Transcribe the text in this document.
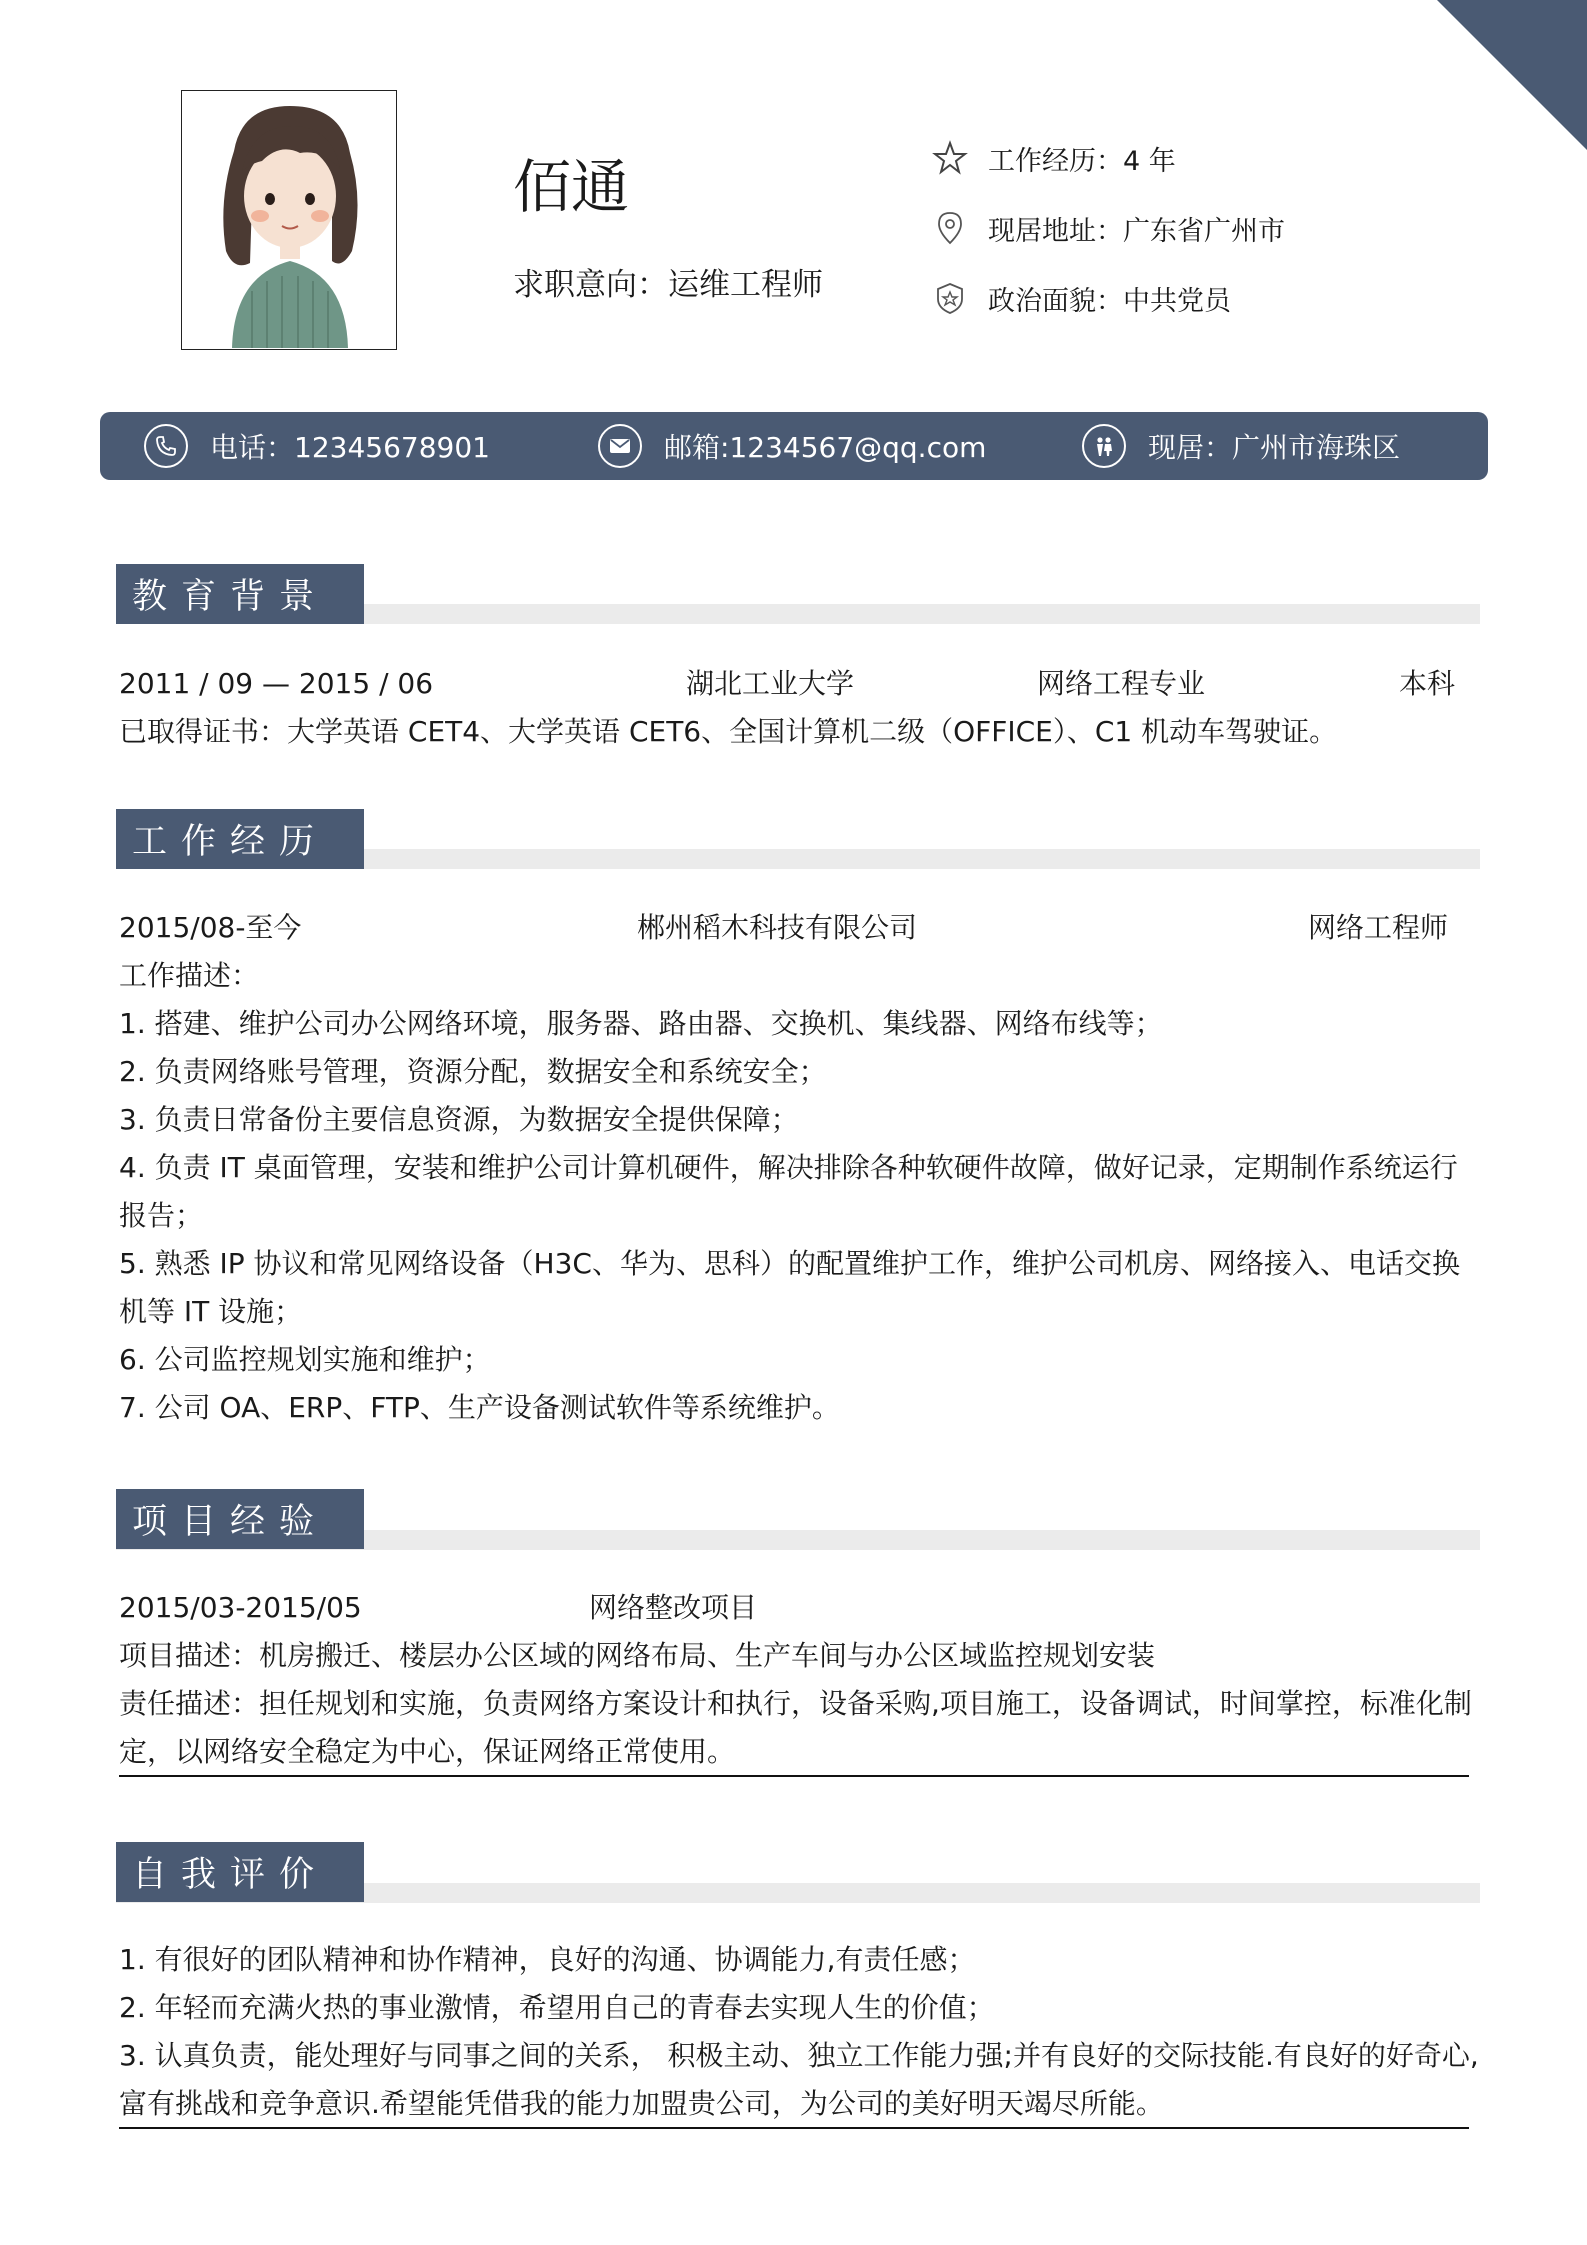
佰通
求职意向：运维工程师
工作经历：4 年
现居地址：广东省广州市
政治面貌：中共党员
电话：12345678901	邮箱:1234567@qq.com	现居：广州市海珠区
教育背景
2011 / 09 — 2015 / 06	湖北工业大学	网络工程专业	本科
已取得证书：大学英语 CET4、大学英语 CET6、全国计算机二级（OFFICE）、C1 机动车驾驶证。
工作经历
2015/08-至今	郴州稻木科技有限公司	网络工程师
工作描述：
1. 搭建、维护公司办公网络环境，服务器、路由器、交换机、集线器、网络布线等；
2. 负责网络账号管理，资源分配，数据安全和系统安全；
3. 负责日常备份主要信息资源，为数据安全提供保障；
4. 负责 IT 桌面管理，安装和维护公司计算机硬件，解决排除各种软硬件故障，做好记录，定期制作系统运行报告；
5. 熟悉 IP 协议和常见网络设备（H3C、华为、思科）的配置维护工作，维护公司机房、网络接入、电话交换机等 IT 设施；
6. 公司监控规划实施和维护；
7. 公司 OA、ERP、FTP、生产设备测试软件等系统维护。
项目经验
2015/03-2015/05	网络整改项目
项目描述：机房搬迁、楼层办公区域的网络布局、生产车间与办公区域监控规划安装
责任描述：担任规划和实施，负责网络方案设计和执行，设备采购,项目施工，设备调试，时间掌控，标准化制定，以网络安全稳定为中心，保证网络正常使用。
自我评价
1. 有很好的团队精神和协作精神，良好的沟通、协调能力,有责任感；
2. 年轻而充满火热的事业激情，希望用自己的青春去实现人生的价值；
3. 认真负责，能处理好与同事之间的关系， 积极主动、独立工作能力强;并有良好的交际技能.有良好的好奇心,富有挑战和竞争意识.希望能凭借我的能力加盟贵公司，为公司的美好明天竭尽所能。
